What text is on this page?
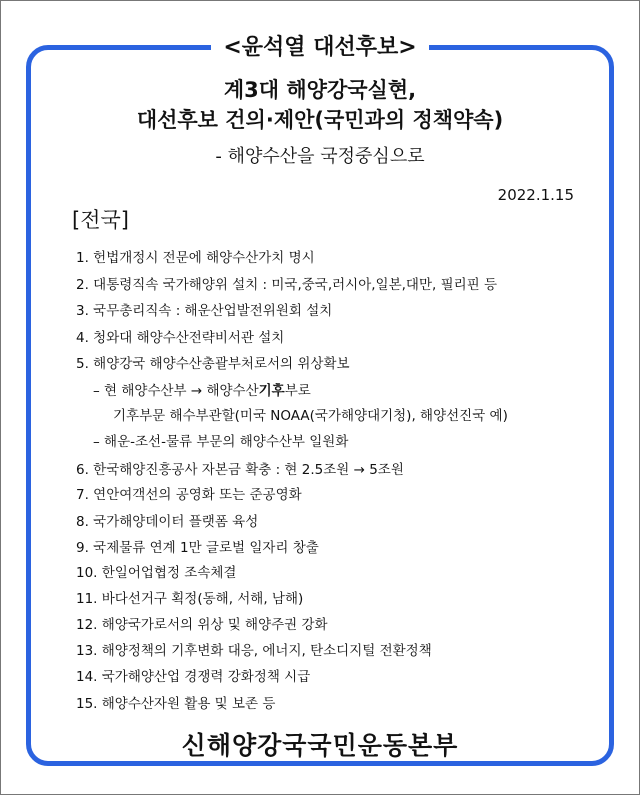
<윤석열 대선후보>
계3대 해양강국실현,
대선후보 건의·제안(국민과의 정책약속)
- 해양수산을 국정중심으로
2022.1.15
[전국]
1. 헌법개정시 전문에 해양수산가치 명시
2. 대통령직속 국가해양위 설치 : 미국,중국,러시아,일본,대만, 필리핀 등
3. 국무총리직속 : 해운산업발전위원회 설치
4. 청와대 해양수산전략비서관 설치
5. 해양강국 해양수산총괄부처로서의 위상확보
– 현 해양수산부 → 해양수산기후부로
기후부문 해수부관할(미국 NOAA(국가해양대기청), 해양선진국 예)
– 해운-조선-물류 부문의 해양수산부 일원화
6. 한국해양진흥공사 자본금 확충 : 현 2.5조원 → 5조원
7. 연안여객선의 공영화 또는 준공영화
8. 국가해양데이터 플랫폼 육성
9. 국제물류 연계 1만 글로벌 일자리 창출
10. 한일어업협정 조속체결
11. 바다선거구 획정(동해, 서해, 남해)
12. 해양국가로서의 위상 및 해양주권 강화
13. 해양정책의 기후변화 대응, 에너지, 탄소디지털 전환정책
14. 국가해양산업 경쟁력 강화정책 시급
15. 해양수산자원 활용 및 보존 등
신해양강국국민운동본부
